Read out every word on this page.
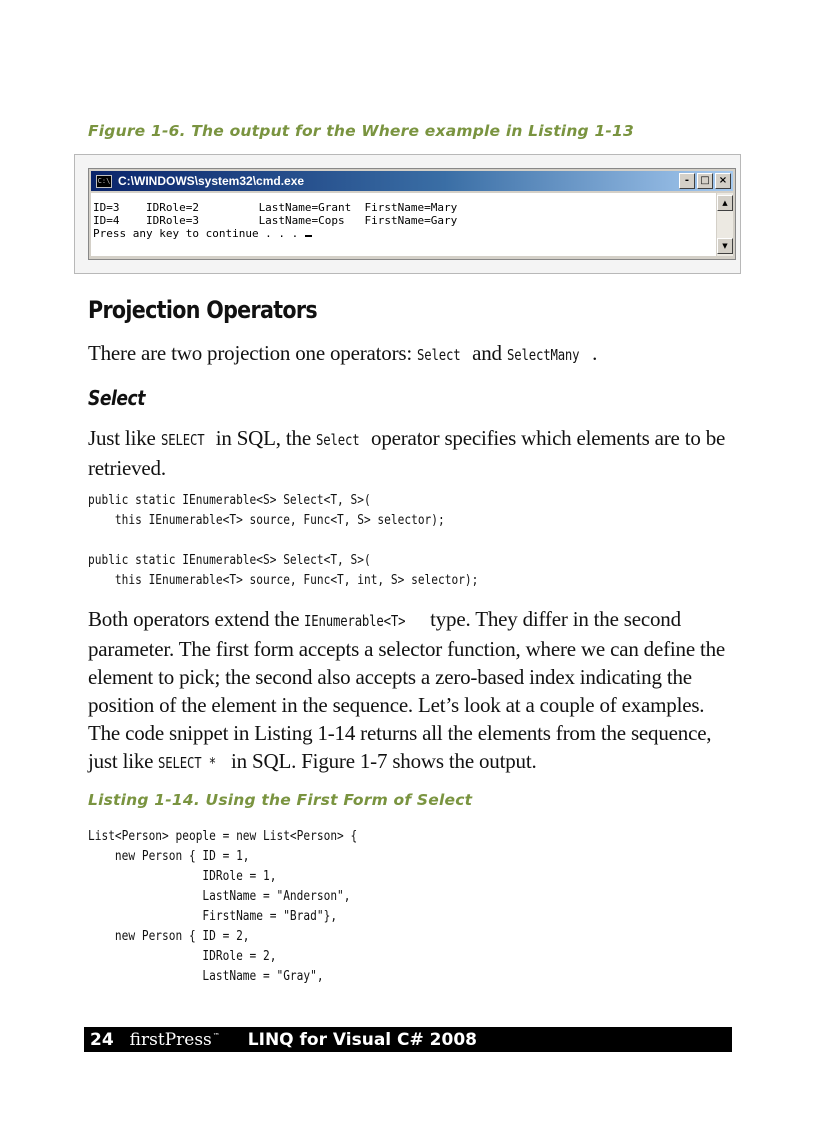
Figure 1-6. The output for the Where example in Listing 1-13
C:\ C:\WINDOWS\system32\cmd.exe	-	□ ×
ID=3    IDRole=2         LastName=Grant  FirstName=Mary
ID=4    IDRole=3         LastName=Cops   FirstName=Gary
Press any key to continue . . .
▲
▼
Projection Operators

There are two projection one operators: Select and SelectMany .

Select

Just like SELECT in SQL, the Select operator specifies which elements are to be retrieved.

public static IEnumerable<S> Select<T, S>(
this IEnumerable<T> source, Func<T, S> selector);
public static IEnumerable<S> Select<T, S>(
this IEnumerable<T> source, Func<T, int, S> selector);

Both operators extend the IEnumerable<T> type. They differ in the second parameter. The first form accepts a selector function, where we can define the element to pick; the second also accepts a zero-based index indicating the position of the element in the sequence. Let’s look at a couple of examples. The code snippet in Listing 1-14 returns all the elements from the sequence, just like SELECT * in SQL. Figure 1-7 shows the output.

Listing 1-14. Using the First Form of Select
List<Person> people = new List<Person> {
new Person { ID = 1,
IDRole = 1,
LastName = "Anderson",
FirstName = "Brad"},
new Person { ID = 2,
IDRole = 2,
LastName = "Gray",
24 firstPress™ LINQ for Visual C# 2008
